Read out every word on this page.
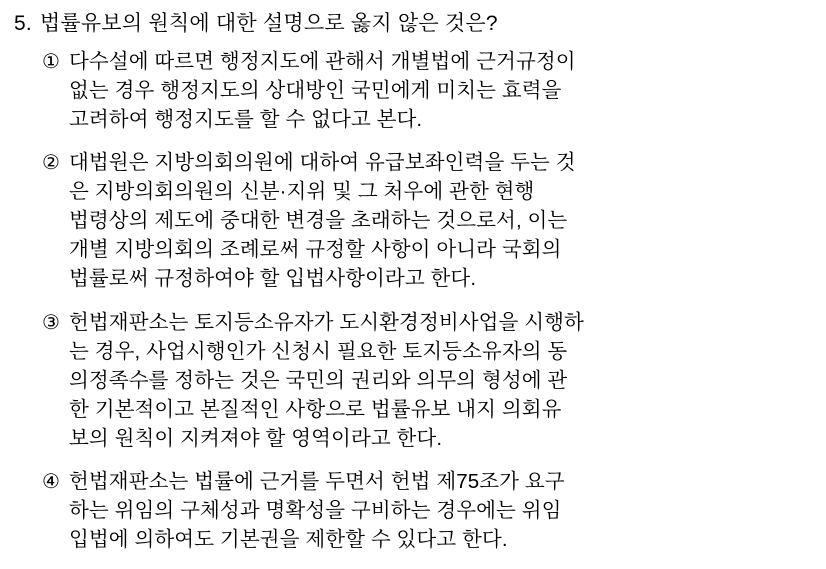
5. 법률유보의 원칙에 대한 설명으로 옳지 않은 것은?
① 다수설에 따르면 행정지도에 관해서 개별법에 근거규정이
없는 경우 행정지도의 상대방인 국민에게 미치는 효력을
고려하여 행정지도를 할 수 없다고 본다.
② 대법원은 지방의회의원에 대하여 유급보좌인력을 두는 것
은 지방의회의원의 신분·지위 및 그 처우에 관한 현행
법령상의 제도에 중대한 변경을 초래하는 것으로서, 이는
개별 지방의회의 조례로써 규정할 사항이 아니라 국회의
법률로써 규정하여야 할 입법사항이라고 한다.
③ 헌법재판소는 토지등소유자가 도시환경정비사업을 시행하
는 경우, 사업시행인가 신청시 필요한 토지등소유자의 동
의정족수를 정하는 것은 국민의 권리와 의무의 형성에 관
한 기본적이고 본질적인 사항으로 법률유보 내지 의회유
보의 원칙이 지켜져야 할 영역이라고 한다.
④ 헌법재판소는 법률에 근거를 두면서 헌법 제75조가 요구
하는 위임의 구체성과 명확성을 구비하는 경우에는 위임
입법에 의하여도 기본권을 제한할 수 있다고 한다.
